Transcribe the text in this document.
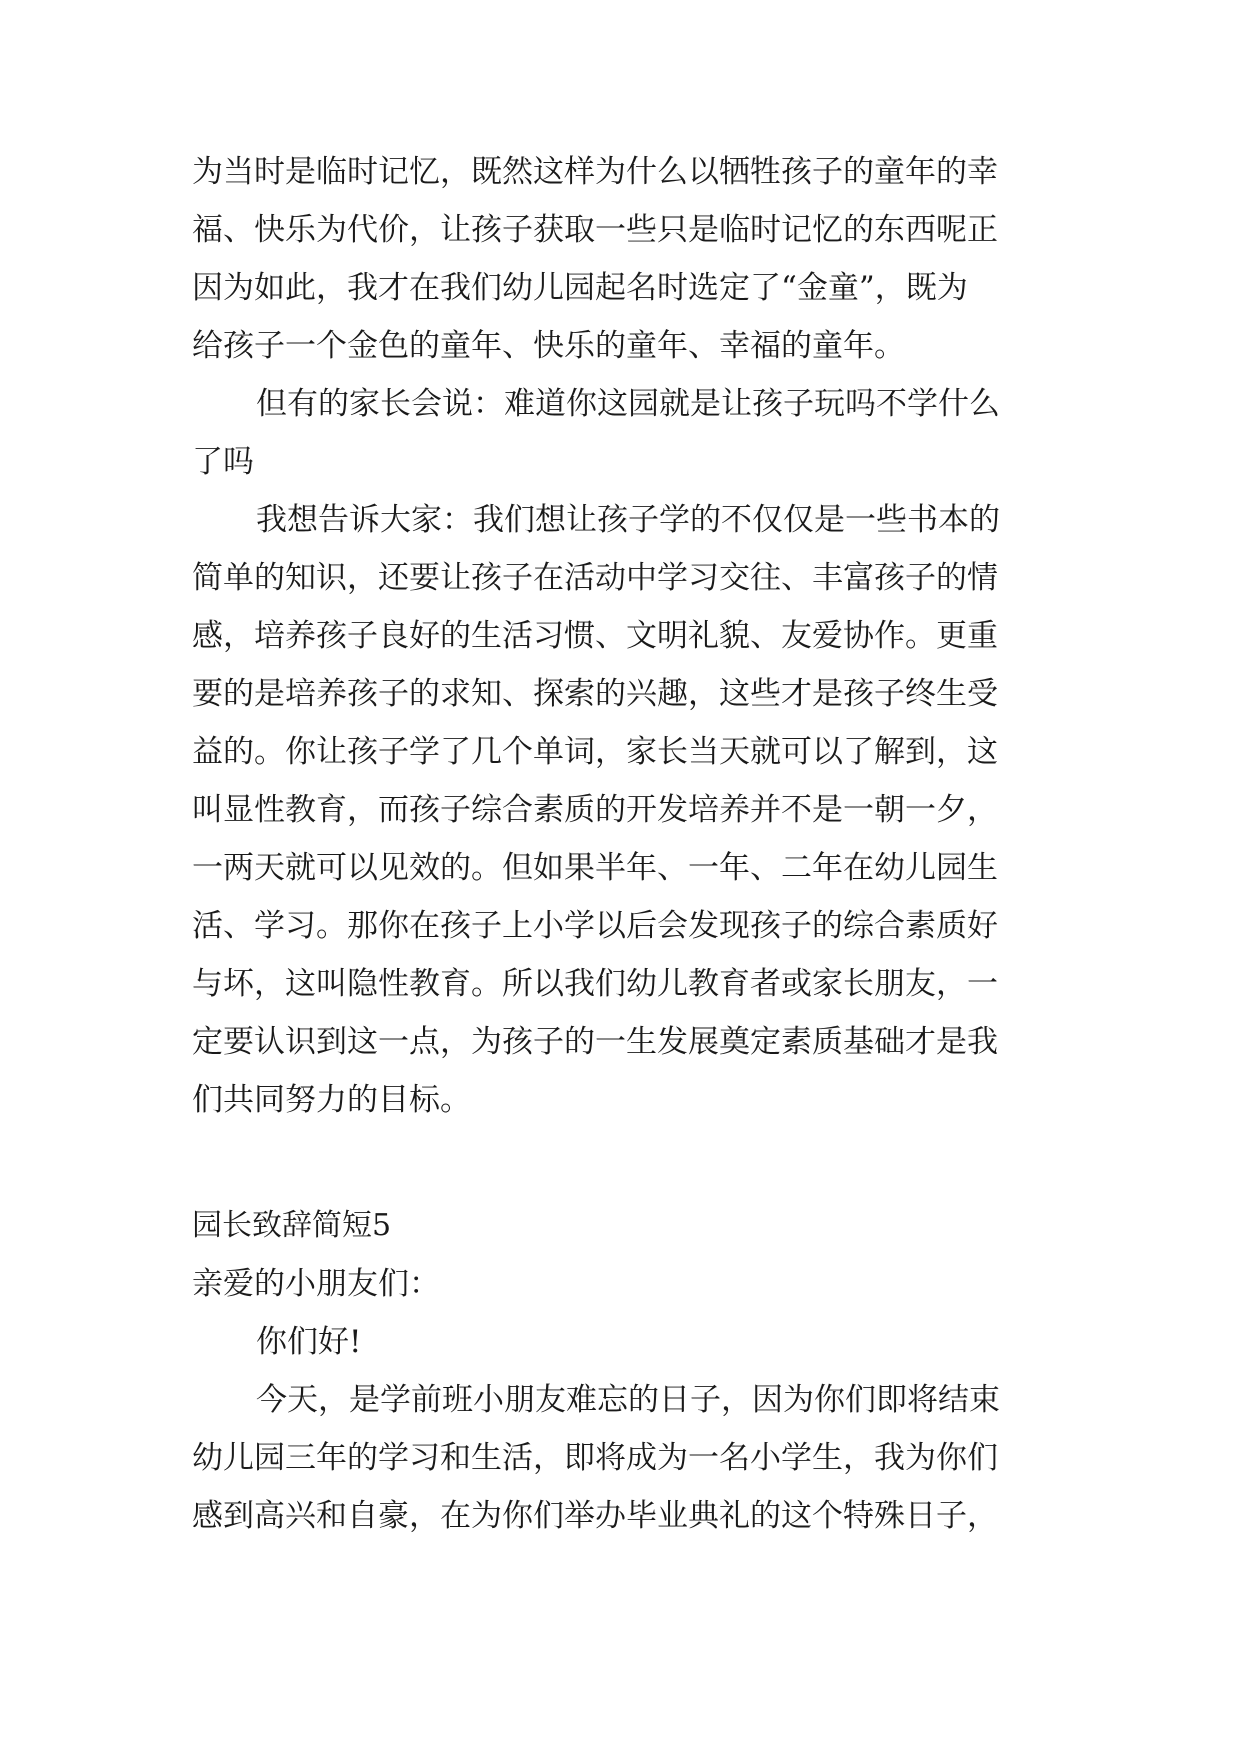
为当时是临时记忆，既然这样为什么以牺牲孩子的童年的幸
福、快乐为代价，让孩子获取一些只是临时记忆的东西呢正
因为如此，我才在我们幼儿园起名时选定了“金童”，既为
给孩子一个金色的童年、快乐的童年、幸福的童年。
但有的家长会说：难道你这园就是让孩子玩吗不学什么
了吗
我想告诉大家：我们想让孩子学的不仅仅是一些书本的
简单的知识，还要让孩子在活动中学习交往、丰富孩子的情
感，培养孩子良好的生活习惯、文明礼貌、友爱协作。更重
要的是培养孩子的求知、探索的兴趣，这些才是孩子终生受
益的。你让孩子学了几个单词，家长当天就可以了解到，这
叫显性教育，而孩子综合素质的开发培养并不是一朝一夕，
一两天就可以见效的。但如果半年、一年、二年在幼儿园生
活、学习。那你在孩子上小学以后会发现孩子的综合素质好
与坏，这叫隐性教育。所以我们幼儿教育者或家长朋友，一
定要认识到这一点，为孩子的一生发展奠定素质基础才是我
们共同努力的目标。
园长致辞简短5
亲爱的小朋友们：
你们好!
今天，是学前班小朋友难忘的日子，因为你们即将结束
幼儿园三年的学习和生活，即将成为一名小学生，我为你们
感到高兴和自豪，在为你们举办毕业典礼的这个特殊日子，
